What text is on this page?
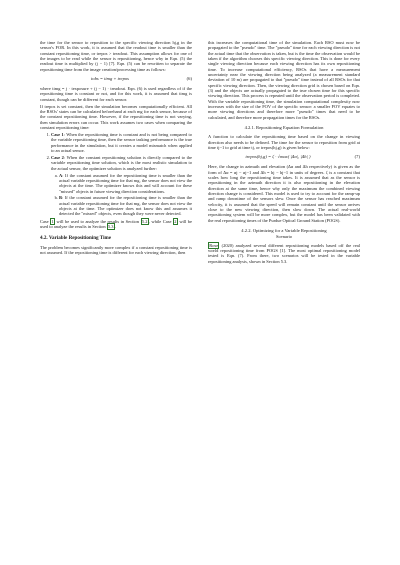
the time for the sensor to reposition to the specific viewing direction hj,g in the sensor's FOR. In this work, it is assumed that the readout time is smaller than the constant repositioning time, or trepos > treadout. This assumption allows for one of the images to be read while the sensor is repositioning, hence why in Eqn. (5) the readout time is multiplied by (j − 1) [7]. Eqn. (5) can be rewritten to separate the repositioning time from the image creation/processing time as follows:

tobs = timg + trepos	(6)

where timg = j · texposure + (j − 1) · treadout. Eqn. (6) is used regardless of if the repositioning time is constant or not, and for this work, it is assumed that timg is constant, though can be different for each sensor.

If trepos is set constant, then the simulation becomes computationally efficient. All the RSOs' states can be calculated beforehand at each mg for each sensor, because of the constant repositioning time. However, if the repositioning time is not varying, then simulation errors can occur. This work assumes two cases when comparing the constant repositioning time:

1. Case 1: When the repositioning time is constant and is not being compared to the variable repositioning time, then the sensor tasking performance is the true performance in the simulation, but it creates a model mismatch when applied to an actual sensor.
2. Case 2: When the constant repositioning solution is directly compared to the variable repositioning time solution, which is the most realistic simulation to the actual sensor, the optimizer solution is analyzed further:
a. A: If the constant assumed for the repositioning time is smaller than the actual variable repositioning time for that mg, the sensor does not view the objects at the time. The optimizer knows this and will account for these "missed" objects in future viewing direction considerations.
b. B: If the constant assumed for the repositioning time is smaller than the actual variable repositioning time for that mg, the sensor does not view the objects at the time. The optimizer does not know this and assumes it detected the "missed" objects, even though they were never detected.

Case 1 will be used to analyze the results in Section 5.2, while Case 2 will be used to analyze the results in Section 5.3.

4.2. Variable Repositioning Time

The problem becomes significantly more complex if a constant repositioning time is not assumed. If the repositioning time is different for each viewing direction, then

this increases the computational time of the simulation. Each RSO must now be propagated to the "pseudo" time. The "pseudo" time for each viewing direction is not the actual time that the observation is taken, but is the time the observation would be taken if the algorithm chooses this specific viewing direction. This is done for every single viewing direction because each viewing direction has its own repositioning time. To increase computational efficiency, RSOs that have a measurement uncertainty near the viewing direction being analyzed (a measurement standard deviation of 10 m) are propagated to that "pseudo" time instead of all RSOs for that specific viewing direction. Then, the viewing direction grid is chosen based on Eqn. (3) and the objects are actually propagated to the true chosen time for this specific viewing direction. This process is repeated until the observation period is completed. With the variable repositioning time, the simulation computational complexity now increases with the size of the FOV of the specific sensor: a smaller FOV equates to more viewing directions and therefore more "pseudo" times that need to be calculated, and therefore more propagation times for the RSOs.

4.2.1. Repositioning Equation Formulation

A function to calculate the repositioning time based on the change in viewing direction also needs to be defined. The time for the sensor to reposition from grid at time tj−1 to grid at time tj, or trepos(hj,g) is given below:

trepos(hj,g) = ζ · √max( |Δα|, |Δh| )	(7)

Here, the change in azimuth and elevation (Δα and Δh respectively) is given as the form of Δα = αj − αj−1 and Δh = hj − hj−1 in units of degrees. ζ is a constant that scales how long the repositioning time takes. It is assumed that as the sensor is repositioning in the azimuth direction it is also repositioning in the elevation direction at the same time, hence why only the maximum the combined viewing direction change is considered. This model is used to try to account for the ramp-up and ramp downtime of the sensors slew. Once the sensor has reached maximum velocity, it is assumed that the speed will remain constant until the sensor arrives close to the new viewing direction, then slow down. The actual real-world repositioning system will be more complex, but the model has been validated with the real repositioning times of the Purdue Optical Ground Station (POGS).

4.2.2. Optimizing for a Variable Repositioning
Scenario

Rose (2020) analyzed several different repositioning models based off the real world repositioning time from POGS [1]. The most optimal repositioning model tested is Eqn. (7). From there, two scenarios will be tested in the variable repositioning analysis, shown in Section 5.3.
